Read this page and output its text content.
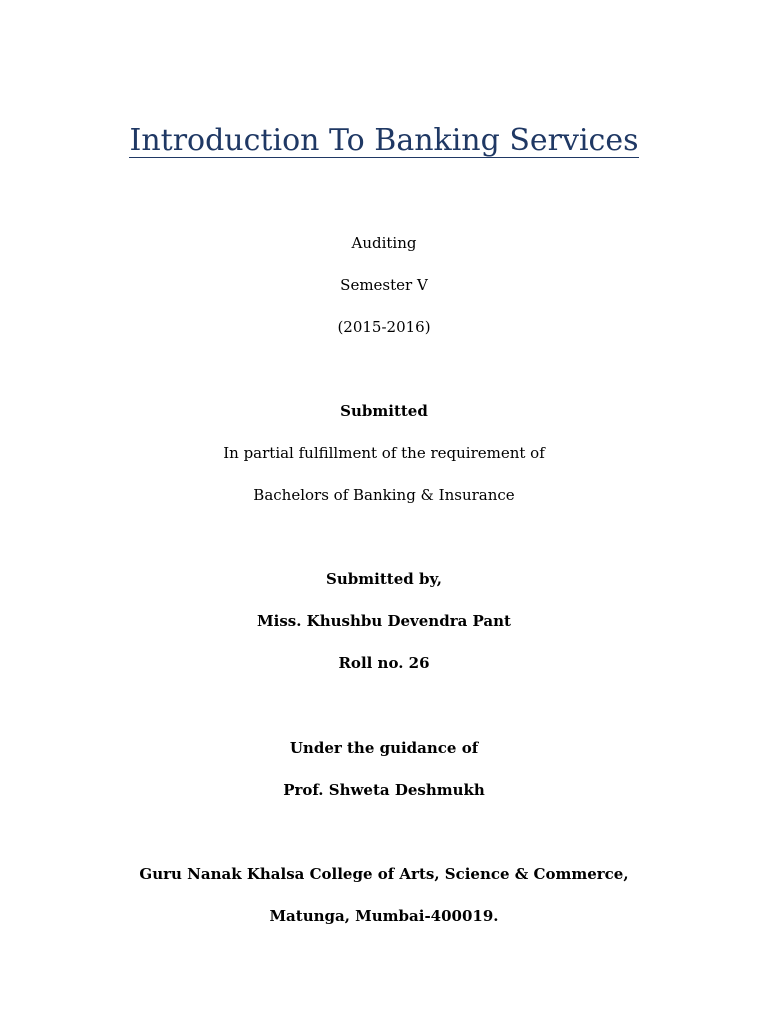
Introduction To Banking Services
Auditing
Semester V
(2015-2016)
Submitted
In partial fulfillment of the requirement of
Bachelors of Banking & Insurance
Submitted by,
Miss. Khushbu Devendra Pant
Roll no. 26
Under the guidance of
Prof. Shweta Deshmukh
Guru Nanak Khalsa College of Arts, Science & Commerce,
Matunga, Mumbai-400019.
